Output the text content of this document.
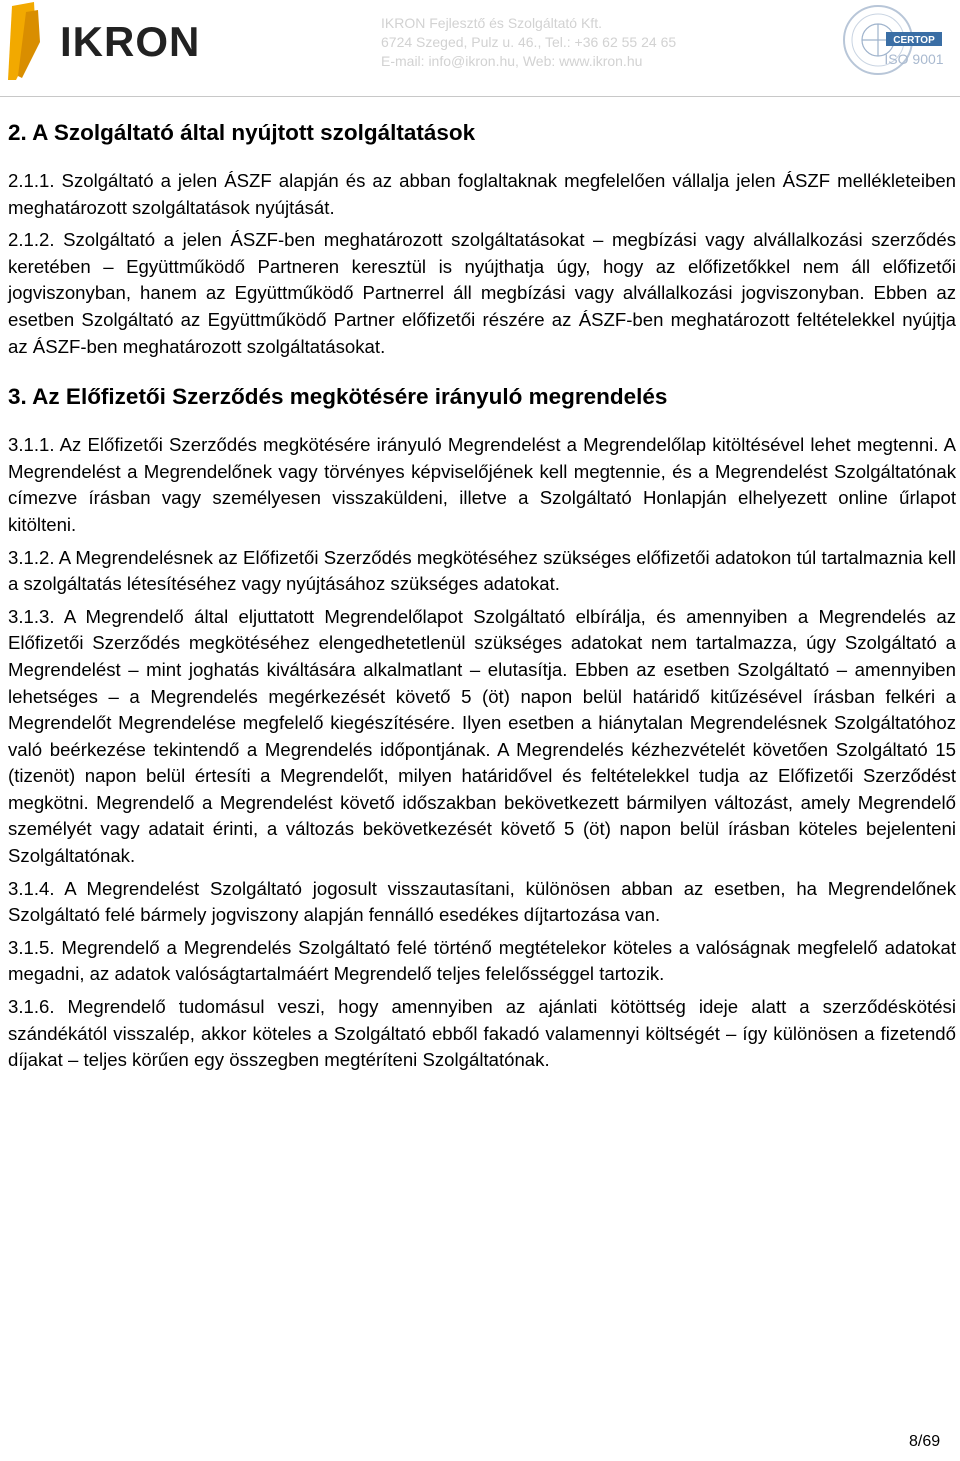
IKRON	IKRON Fejlesztő és Szolgáltató Kft.
6724 Szeged, Pulz u. 46., Tel.: +36 62 55 24 65
E-mail: info@ikron.hu, Web: www.ikron.hu
CERTOP
ISO 9001
2. A Szolgáltató által nyújtott szolgáltatások

2.1.1. Szolgáltató a jelen ÁSZF alapján és az abban foglaltaknak megfelelően vállalja jelen ÁSZF mellékleteiben meghatározott szolgáltatások nyújtását.

2.1.2. Szolgáltató a jelen ÁSZF-ben meghatározott szolgáltatásokat – megbízási vagy alvállalkozási szerződés keretében – Együttműködő Partneren keresztül is nyújthatja úgy, hogy az előfizetőkkel nem áll előfizetői jogviszonyban, hanem az Együttműködő Partnerrel áll megbízási vagy alvállalkozási jogviszonyban. Ebben az esetben Szolgáltató az Együttműködő Partner előfizetői részére az ÁSZF-ben meghatározott feltételekkel nyújtja az ÁSZF-ben meghatározott szolgáltatásokat.

3. Az Előfizetői Szerződés megkötésére irányuló megrendelés

3.1.1. Az Előfizetői Szerződés megkötésére irányuló Megrendelést a Megrendelőlap kitöltésével lehet megtenni. A Megrendelést a Megrendelőnek vagy törvényes képviselőjének kell megtennie, és a Megrendelést Szolgáltatónak címezve írásban vagy személyesen visszaküldeni, illetve a Szolgáltató Honlapján elhelyezett online űrlapot kitölteni.

3.1.2. A Megrendelésnek az Előfizetői Szerződés megkötéséhez szükséges előfizetői adatokon túl tartalmaznia kell a szolgáltatás létesítéséhez vagy nyújtásához szükséges adatokat.

3.1.3. A Megrendelő által eljuttatott Megrendelőlapot Szolgáltató elbírálja, és amennyiben a Megrendelés az Előfizetői Szerződés megkötéséhez elengedhetetlenül szükséges adatokat nem tartalmazza, úgy Szolgáltató a Megrendelést – mint joghatás kiváltására alkalmatlant – elutasítja. Ebben az esetben Szolgáltató – amennyiben lehetséges – a Megrendelés megérkezését követő 5 (öt) napon belül határidő kitűzésével írásban felkéri a Megrendelőt Megrendelése megfelelő kiegészítésére. Ilyen esetben a hiánytalan Megrendelésnek Szolgáltatóhoz való beérkezése tekintendő a Megrendelés időpontjának. A Megrendelés kézhezvételét követően Szolgáltató 15 (tizenöt) napon belül értesíti a Megrendelőt, milyen határidővel és feltételekkel tudja az Előfizetői Szerződést megkötni. Megrendelő a Megrendelést követő időszakban bekövetkezett bármilyen változást, amely Megrendelő személyét vagy adatait érinti, a változás bekövetkezését követő 5 (öt) napon belül írásban köteles bejelenteni Szolgáltatónak.

3.1.4. A Megrendelést Szolgáltató jogosult visszautasítani, különösen abban az esetben, ha Megrendelőnek Szolgáltató felé bármely jogviszony alapján fennálló esedékes díjtartozása van.

3.1.5. Megrendelő a Megrendelés Szolgáltató felé történő megtételekor köteles a valóságnak megfelelő adatokat megadni, az adatok valóságtartalmáért Megrendelő teljes felelősséggel tartozik.

3.1.6. Megrendelő tudomásul veszi, hogy amennyiben az ajánlati kötöttség ideje alatt a szerződéskötési szándékától visszalép, akkor köteles a Szolgáltató ebből fakadó valamennyi költségét – így különösen a fizetendő díjakat – teljes körűen egy összegben megtéríteni Szolgáltatónak.

8/69
